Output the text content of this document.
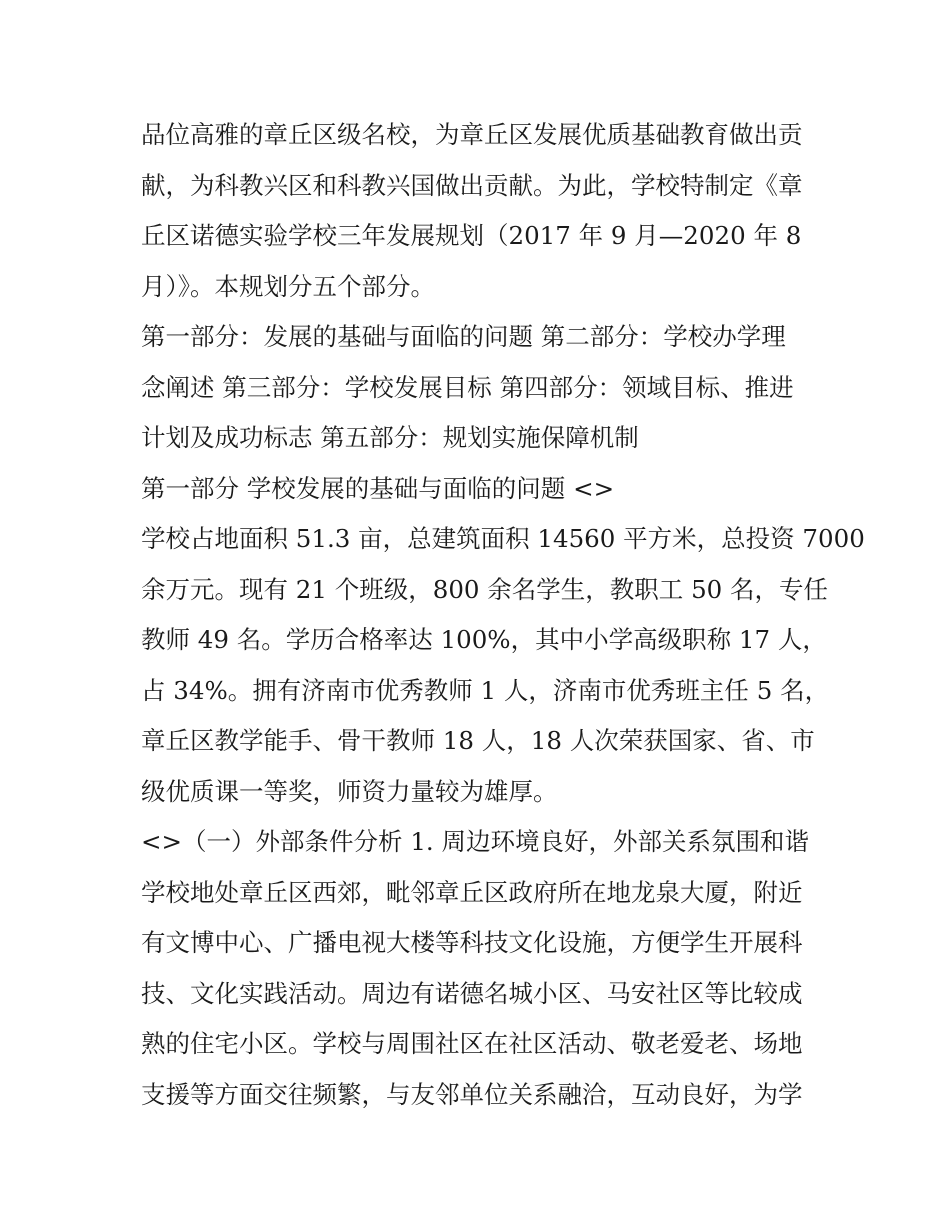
品位高雅的章丘区级名校，为章丘区发展优质基础教育做出贡
献，为科教兴区和科教兴国做出贡献。为此，学校特制定《章
丘区诺德实验学校三年发展规划（2017 年 9 月—2020 年 8
月）》。本规划分五个部分。
第一部分：发展的基础与面临的问题 第二部分：学校办学理
念阐述 第三部分：学校发展目标 第四部分：领域目标、推进
计划及成功标志 第五部分：规划实施保障机制
第一部分 学校发展的基础与面临的问题 <>
学校占地面积 51.3 亩，总建筑面积 14560 平方米，总投资 7000
余万元。现有 21 个班级，800 余名学生，教职工 50 名，专任
教师 49 名。学历合格率达 100%，其中小学高级职称 17 人，
占 34%。拥有济南市优秀教师 1 人，济南市优秀班主任 5 名，
章丘区教学能手、骨干教师 18 人，18 人次荣获国家、省、市
级优质课一等奖，师资力量较为雄厚。
<>（一）外部条件分析 1. 周边环境良好，外部关系氛围和谐
学校地处章丘区西郊，毗邻章丘区政府所在地龙泉大厦，附近
有文博中心、广播电视大楼等科技文化设施，方便学生开展科
技、文化实践活动。周边有诺德名城小区、马安社区等比较成
熟的住宅小区。学校与周围社区在社区活动、敬老爱老、场地
支援等方面交往频繁，与友邻单位关系融洽，互动良好，为学
